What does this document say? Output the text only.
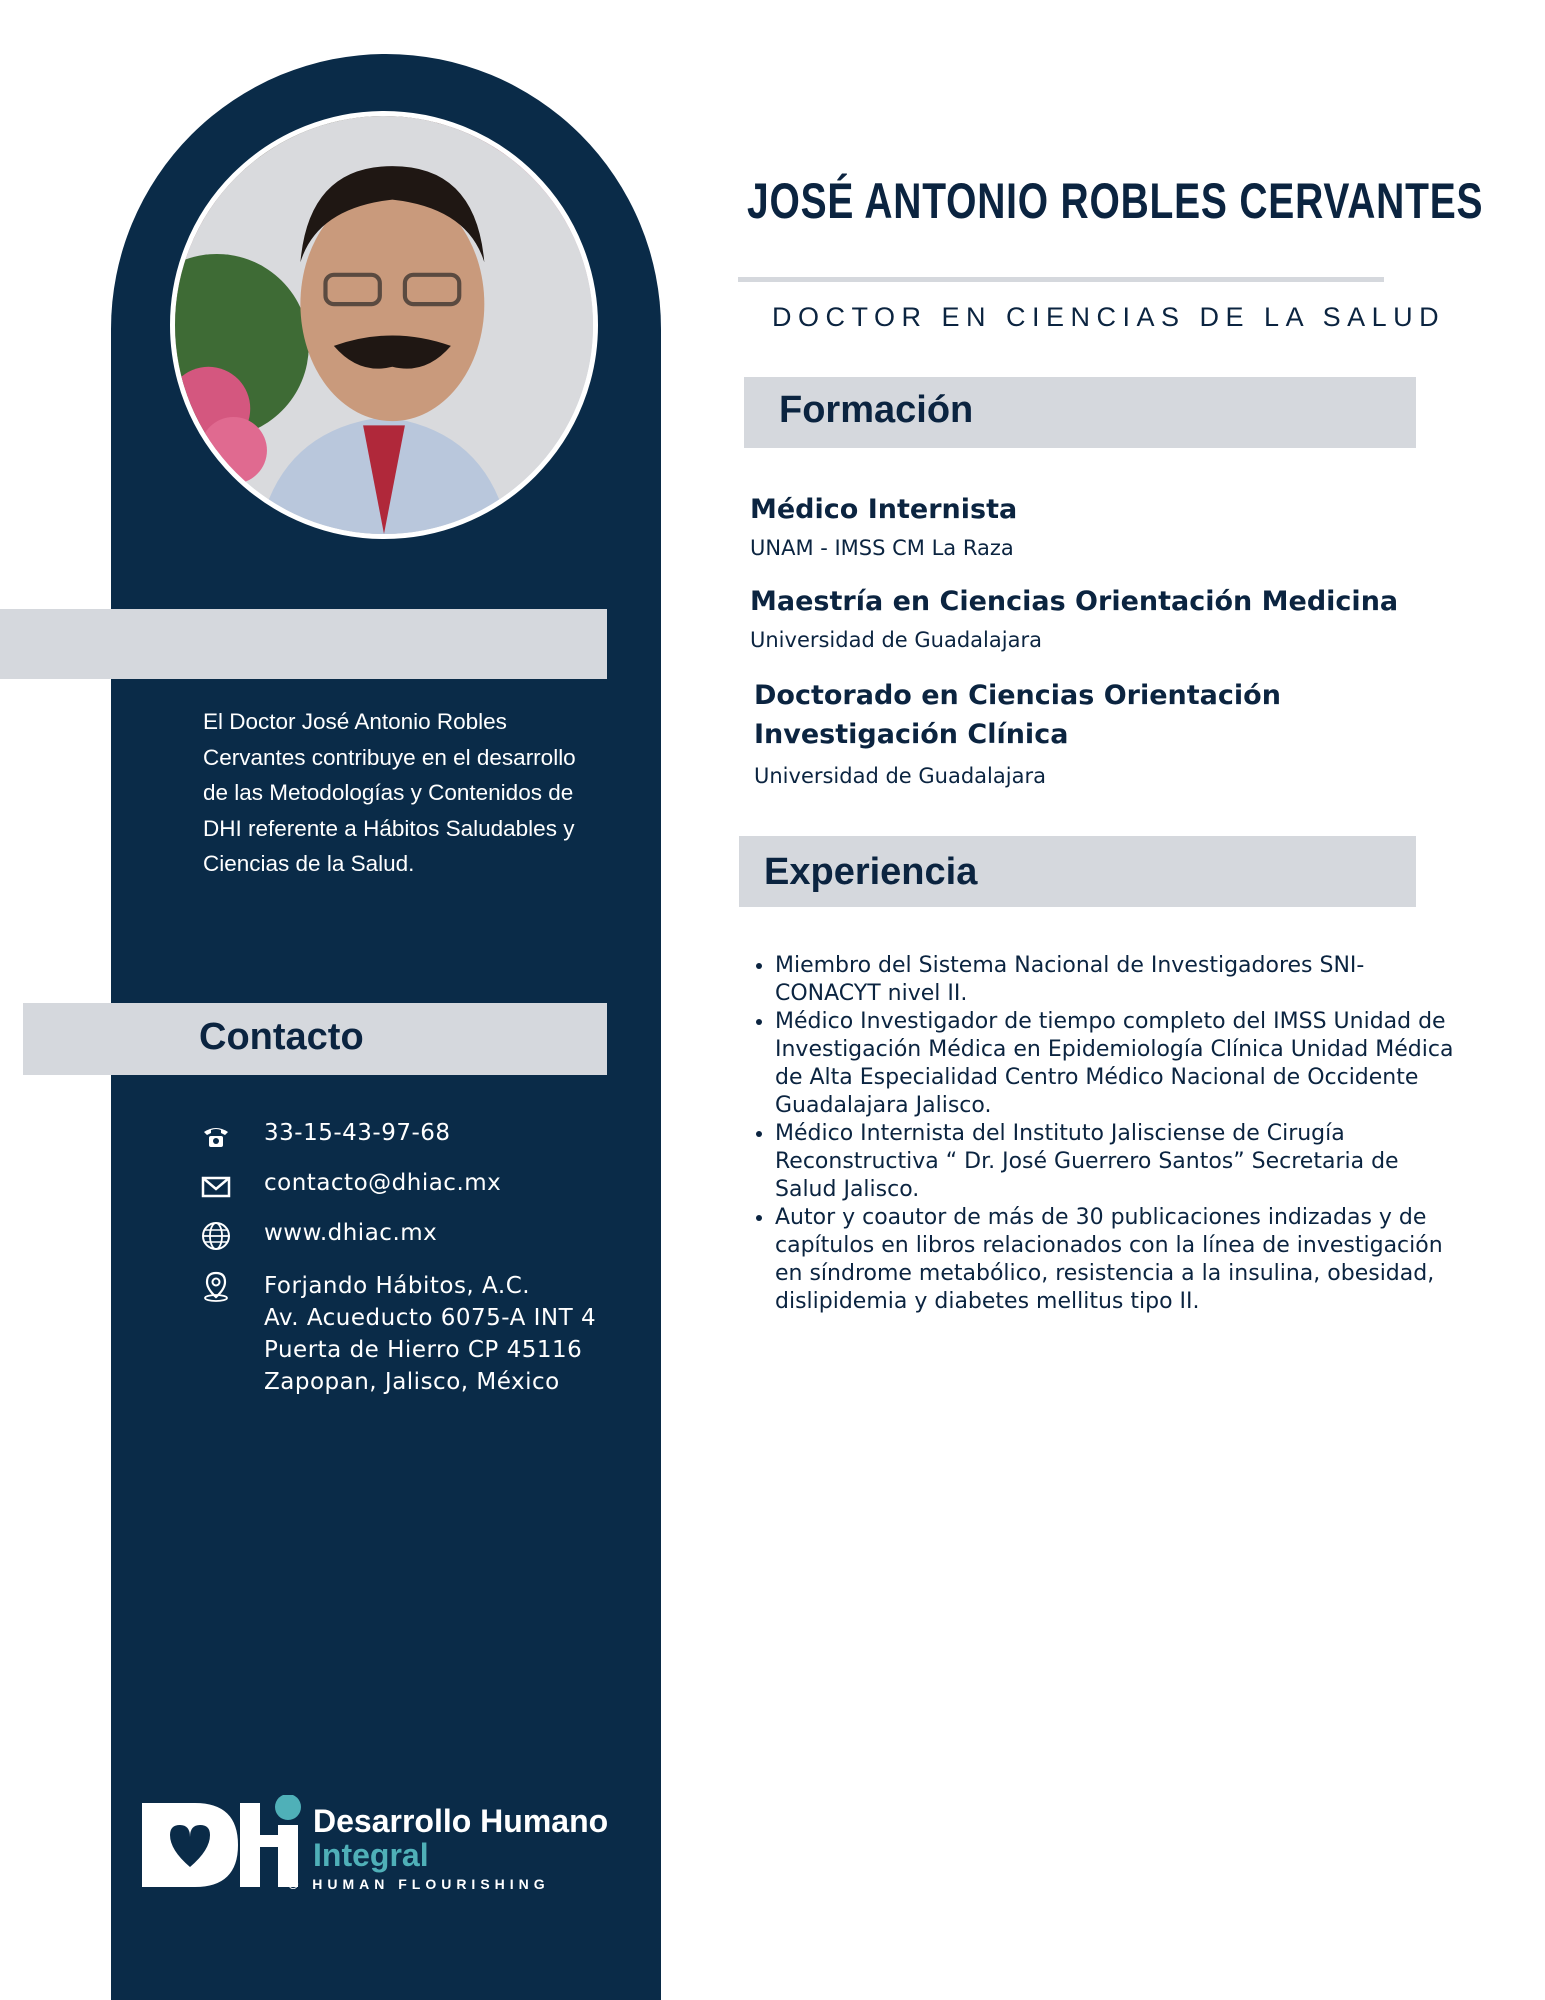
El Doctor José Antonio Robles Cervantes contribuye en el desarrollo de las Metodologías y Contenidos de DHI referente a Hábitos Saludables y Ciencias de la Salud.
Contacto
33-15-43-97-68
contacto@dhiac.mx
www.dhiac.mx
Forjando Hábitos, A.C.
Av. Acueducto 6075-A INT 4
Puerta de Hierro CP 45116
Zapopan, Jalisco, México
Desarrollo Humano
Integral
® HUMAN FLOURISHING
JOSÉ ANTONIO ROBLES CERVANTES
DOCTOR EN CIENCIAS DE LA SALUD
Formación
Médico Internista
UNAM - IMSS CM La Raza
Maestría en Ciencias Orientación Medicina
Universidad de Guadalajara
Doctorado en Ciencias Orientación
Investigación Clínica
Universidad de Guadalajara
Experiencia
• Miembro del Sistema Nacional de Investigadores SNI-CONACYT nivel II.
• Médico Investigador de tiempo completo del IMSS Unidad de Investigación Médica en Epidemiología Clínica Unidad Médica de Alta Especialidad Centro Médico Nacional de Occidente Guadalajara Jalisco.
• Médico Internista del Instituto Jalisciense de Cirugía Reconstructiva “ Dr. José Guerrero Santos” Secretaria de Salud Jalisco.
• Autor y coautor de más de 30 publicaciones indizadas y de capítulos en libros relacionados con la línea de investigación en síndrome metabólico, resistencia a la insulina, obesidad, dislipidemia y diabetes mellitus tipo II.
